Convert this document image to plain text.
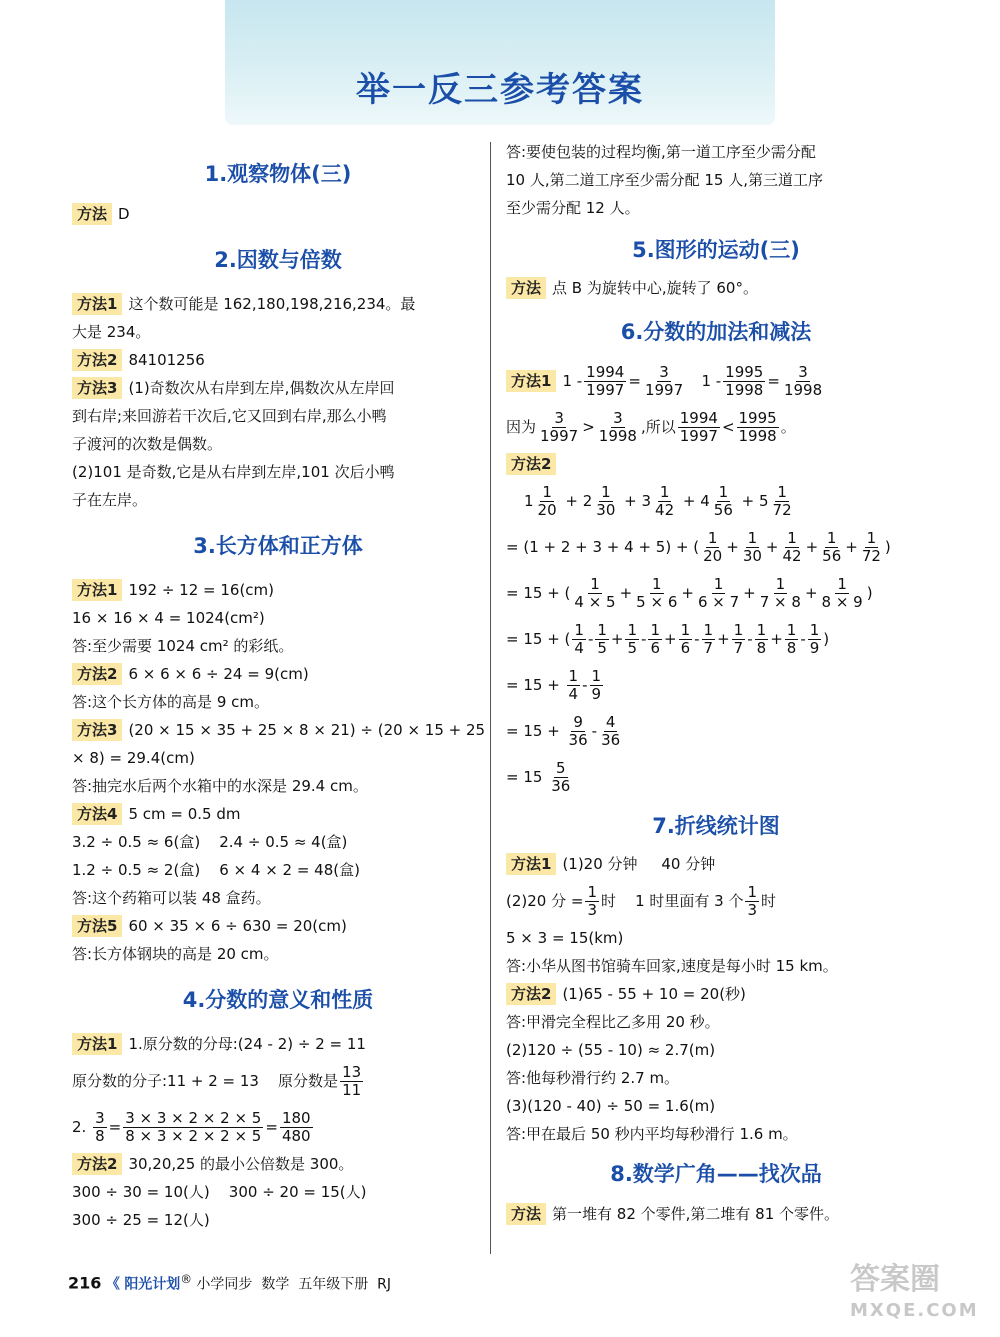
举一反三参考答案
1.观察物体(三)
方法 D
2.因数与倍数
方法1 这个数可能是 162,180,198,216,234。最
大是 234。
方法2 84101256
方法3 (1)奇数次从右岸到左岸,偶数次从左岸回
到右岸;来回游若干次后,它又回到右岸,那么小鸭
子渡河的次数是偶数。
(2)101 是奇数,它是从右岸到左岸,101 次后小鸭
子在左岸。
3.长方体和正方体
方法1 192 ÷ 12 = 16(cm)
16 × 16 × 4 = 1024(cm²)
答:至少需要 1024 cm² 的彩纸。
方法2 6 × 6 × 6 ÷ 24 = 9(cm)
答:这个长方体的高是 9 cm。
方法3 (20 × 15 × 35 + 25 × 8 × 21) ÷ (20 × 15 + 25
× 8) = 29.4(cm)
答:抽完水后两个水箱中的水深是 29.4 cm。
方法4 5 cm = 0.5 dm
3.2 ÷ 0.5 ≈ 6(盒)    2.4 ÷ 0.5 ≈ 4(盒)
1.2 ÷ 0.5 ≈ 2(盒)    6 × 4 × 2 = 48(盒)
答:这个药箱可以装 48 盒药。
方法5 60 × 35 × 6 ÷ 630 = 20(cm)
答:长方体钢块的高是 20 cm。
4.分数的意义和性质
方法1 1.原分数的分母:(24 - 2) ÷ 2 = 11
原分数的分子:11 + 2 = 13    原分数是 $\frac{13}{11}$
2. $\frac{3}{8} = \frac{3 \times 3 \times 2 \times 2 \times 5}{8 \times 3 \times 2 \times 2 \times 5} = \frac{180}{480}$
方法2 30,20,25 的最小公倍数是 300。
300 ÷ 30 = 10(人)    300 ÷ 20 = 15(人)
300 ÷ 25 = 12(人)
答:要使包装的过程均衡,第一道工序至少需分配
10 人,第二道工序至少需分配 15 人,第三道工序
至少需分配 12 人。
5.图形的运动(三)
方法 点 B 为旋转中心,旋转了 60°。
6.分数的加法和减法
方法1 $1 - \frac{1994}{1997} = \frac{3}{1997} 1 - \frac{1995}{1998} = \frac{3}{1998}$
因为 $\frac{3}{1997} > \frac{3}{1998}$ ,所以 $\frac{1994}{1997} < \frac{1995}{1998}$ 。
方法2
$1 \frac{1}{20} + 2 \frac{1}{30} + 3 \frac{1}{42} + 4 \frac{1}{56} + 5 \frac{1}{72}$
= (1 + 2 + 3 + 4 + 5) + ( $\frac{1}{20} + \frac{1}{30} + \frac{1}{42} + \frac{1}{56} + \frac{1}{72}$ )
= 15 + ( $\frac{1}{4 \times 5} + \frac{1}{5 \times 6} + \frac{1}{6 \times 7} + \frac{1}{7 \times 8} + \frac{1}{8 \times 9}$ )
= 15 + ( $\frac{1}{4} - \frac{1}{5} + \frac{1}{5} - \frac{1}{6} + \frac{1}{6} - \frac{1}{7} + \frac{1}{7} - \frac{1}{8} + \frac{1}{8} - \frac{1}{9}$ )
= $15 + \frac{1}{4} - \frac{1}{9}$
= $15 + \frac{9}{36} - \frac{4}{36}$
= $15 \frac{5}{36}$
7.折线统计图
方法1 (1)20 分钟     40 分钟
(2)20 分 = $\frac{1}{3}$ 时    1 时里面有 3 个 $\frac{1}{3}$ 时
5 × 3 = 15(km)
答:小华从图书馆骑车回家,速度是每小时 15 km。
方法2 (1)65 - 55 + 10 = 20(秒)
答:甲滑完全程比乙多用 20 秒。
(2)120 ÷ (55 - 10) ≈ 2.7(m)
答:他每秒滑行约 2.7 m。
(3)(120 - 40) ÷ 50 = 1.6(m)
答:甲在最后 50 秒内平均每秒滑行 1.6 m。
8.数学广角——找次品
方法 第一堆有 82 个零件,第二堆有 81 个零件。
216 《 阳光计划® 小学同步  数学  五年级下册  RJ	答案圈
MXQE.COM
